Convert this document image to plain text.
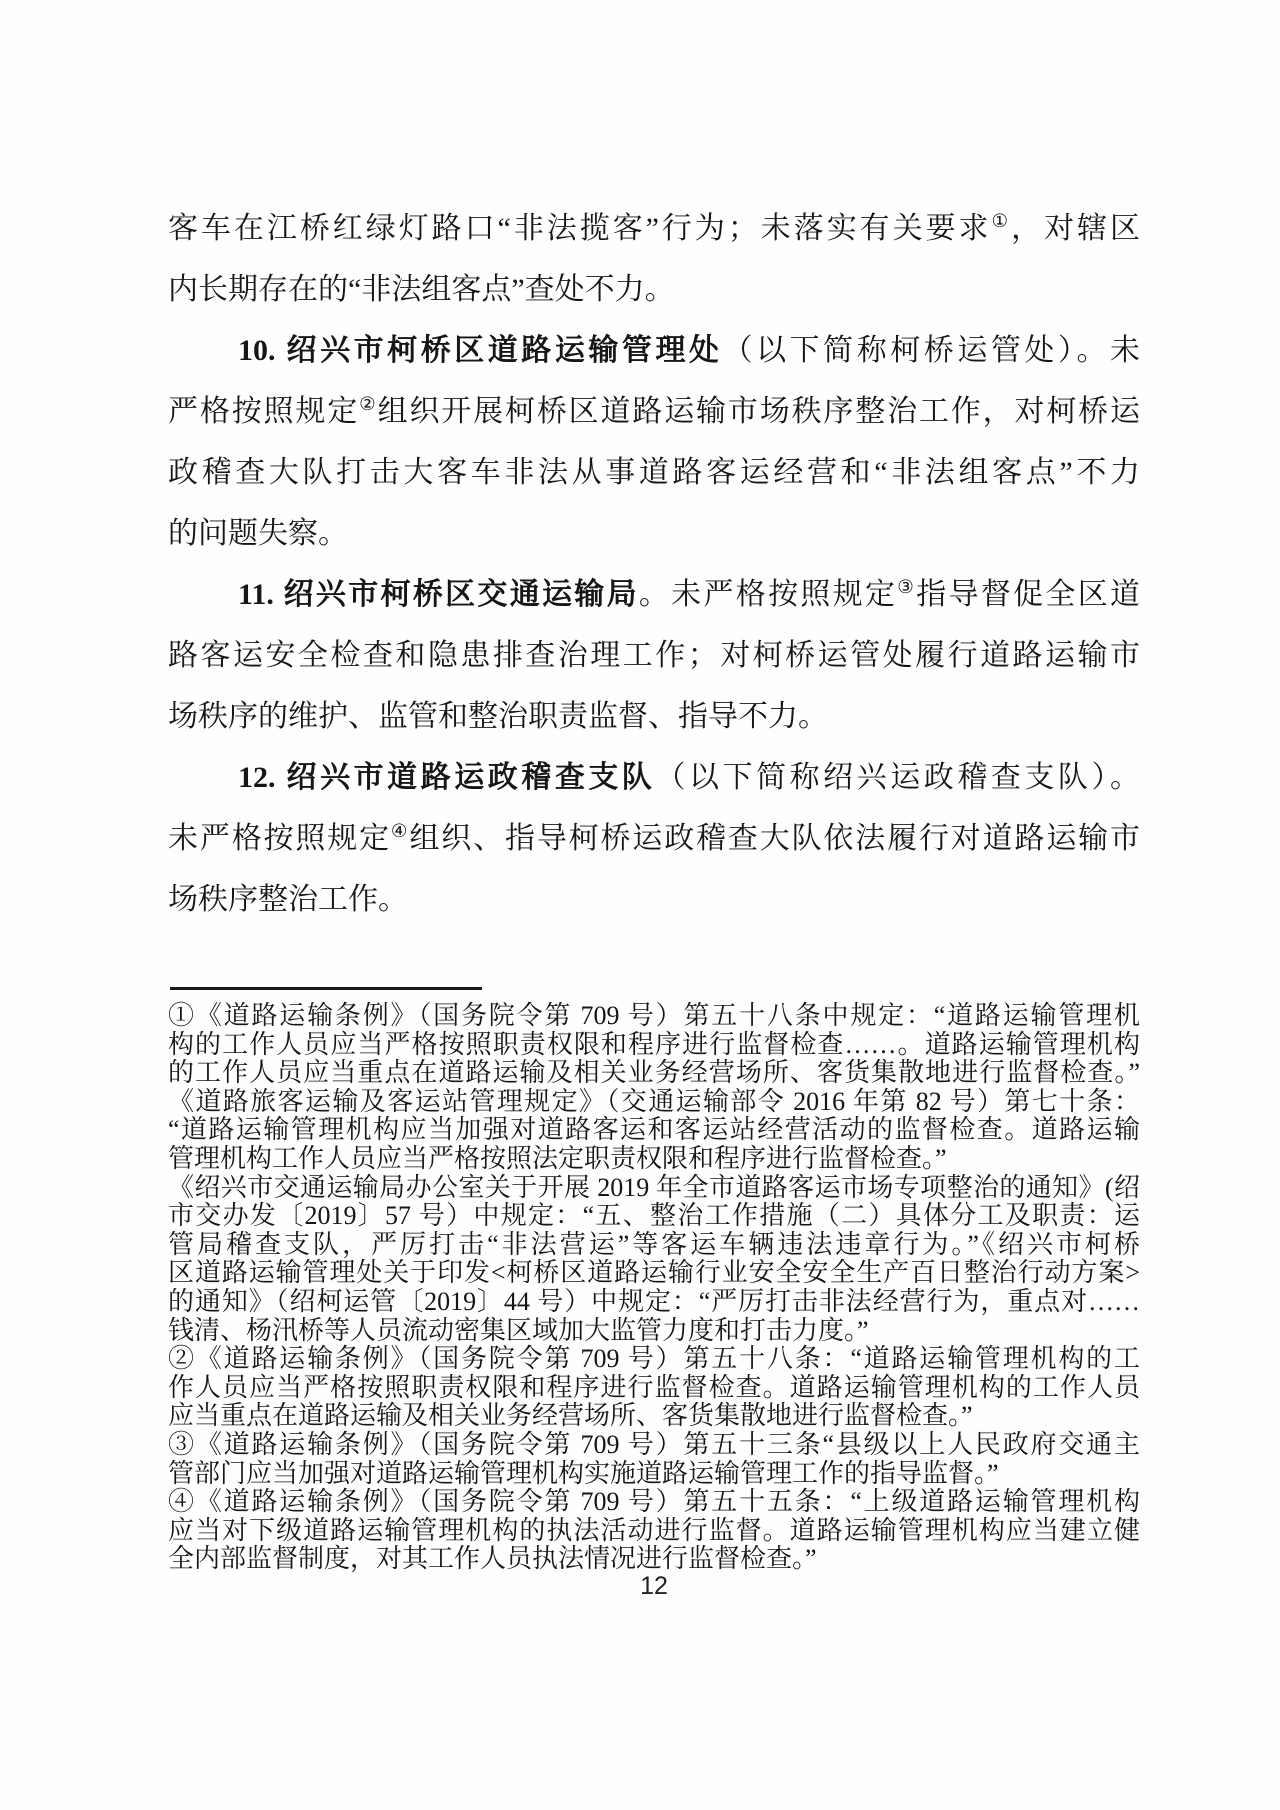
客车在江桥红绿灯路口“非法揽客”行为；未落实有关要求①，对辖区
内长期存在的“非法组客点”查处不力。
10. 绍兴市柯桥区道路运输管理处（以下简称柯桥运管处）。未
严格按照规定②组织开展柯桥区道路运输市场秩序整治工作，对柯桥运
政稽查大队打击大客车非法从事道路客运经营和“非法组客点”不力
的问题失察。
11. 绍兴市柯桥区交通运输局。未严格按照规定③指导督促全区道
路客运安全检查和隐患排查治理工作；对柯桥运管处履行道路运输市
场秩序的维护、监管和整治职责监督、指导不力。
12. 绍兴市道路运政稽查支队（以下简称绍兴运政稽查支队）。
未严格按照规定④组织、指导柯桥运政稽查大队依法履行对道路运输市
场秩序整治工作。
①《道路运输条例》（国务院令第 709 号）第五十八条中规定：“道路运输管理机
构的工作人员应当严格按照职责权限和程序进行监督检查……。道路运输管理机构
的工作人员应当重点在道路运输及相关业务经营场所、客货集散地进行监督检查。”
《道路旅客运输及客运站管理规定》（交通运输部令 2016 年第 82 号）第七十条：
“道路运输管理机构应当加强对道路客运和客运站经营活动的监督检查。道路运输
管理机构工作人员应当严格按照法定职责权限和程序进行监督检查。”
《绍兴市交通运输局办公室关于开展 2019 年全市道路客运市场专项整治的通知》(绍
市交办发〔2019〕57 号）中规定：“五、整治工作措施（二）具体分工及职责：运
管局稽查支队，严厉打击“非法营运”等客运车辆违法违章行为。”《绍兴市柯桥
区道路运输管理处关于印发<柯桥区道路运输行业安全安全生产百日整治行动方案>
的通知》（绍柯运管〔2019〕44 号）中规定：“严厉打击非法经营行为，重点对……
钱清、杨汛桥等人员流动密集区域加大监管力度和打击力度。”
②《道路运输条例》（国务院令第 709 号）第五十八条：“道路运输管理机构的工
作人员应当严格按照职责权限和程序进行监督检查。道路运输管理机构的工作人员
应当重点在道路运输及相关业务经营场所、客货集散地进行监督检查。”
③《道路运输条例》（国务院令第 709 号）第五十三条“县级以上人民政府交通主
管部门应当加强对道路运输管理机构实施道路运输管理工作的指导监督。”
④《道路运输条例》（国务院令第 709 号）第五十五条：“上级道路运输管理机构
应当对下级道路运输管理机构的执法活动进行监督。道路运输管理机构应当建立健
全内部监督制度，对其工作人员执法情况进行监督检查。”
12
